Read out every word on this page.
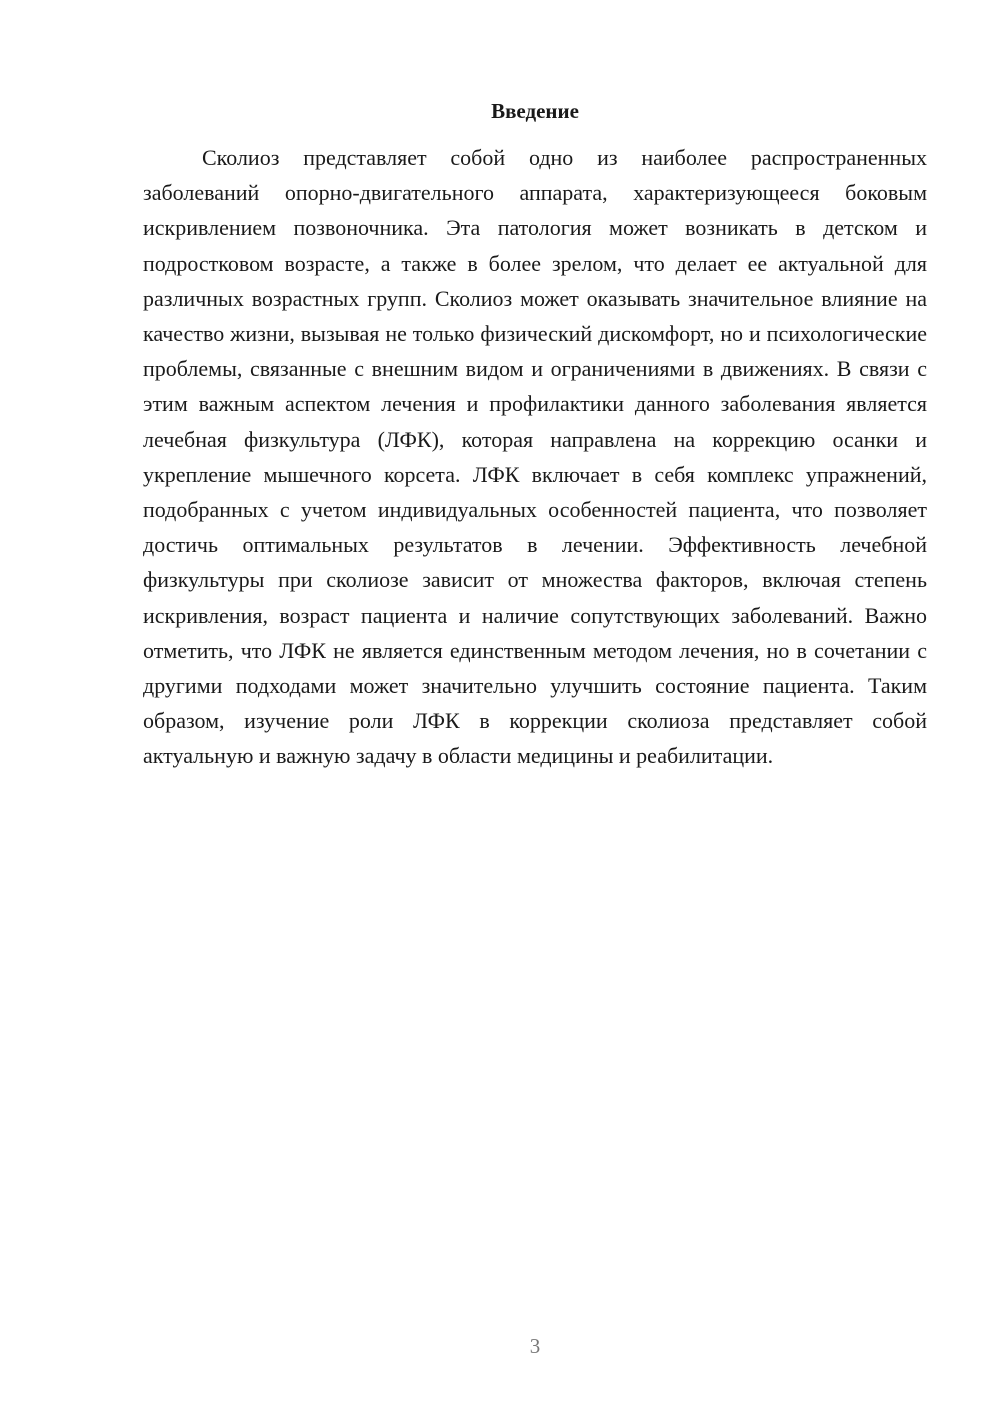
Введение

Сколиоз представляет собой одно из наиболее распространенных заболеваний опорно-двигательного аппарата, характеризующееся боковым искривлением позвоночника. Эта патология может возникать в детском и подростковом возрасте, а также в более зрелом, что делает ее актуальной для различных возрастных групп. Сколиоз может оказывать значительное влияние на качество жизни, вызывая не только физический дискомфорт, но и психологические проблемы, связанные с внешним видом и ограничениями в движениях. В связи с этим важным аспектом лечения и профилактики данного заболевания является лечебная физкультура (ЛФК), которая направлена на коррекцию осанки и укрепление мышечного корсета. ЛФК включает в себя комплекс упражнений, подобранных с учетом индивидуальных особенностей пациента, что позволяет достичь оптимальных результатов в лечении. Эффективность лечебной физкультуры при сколиозе зависит от множества факторов, включая степень искривления, возраст пациента и наличие сопутствующих заболеваний. Важно отметить, что ЛФК не является единственным методом лечения, но в сочетании с другими подходами может значительно улучшить состояние пациента. Таким образом, изучение роли ЛФК в коррекции сколиоза представляет собой актуальную и важную задачу в области медицины и реабилитации.

3
